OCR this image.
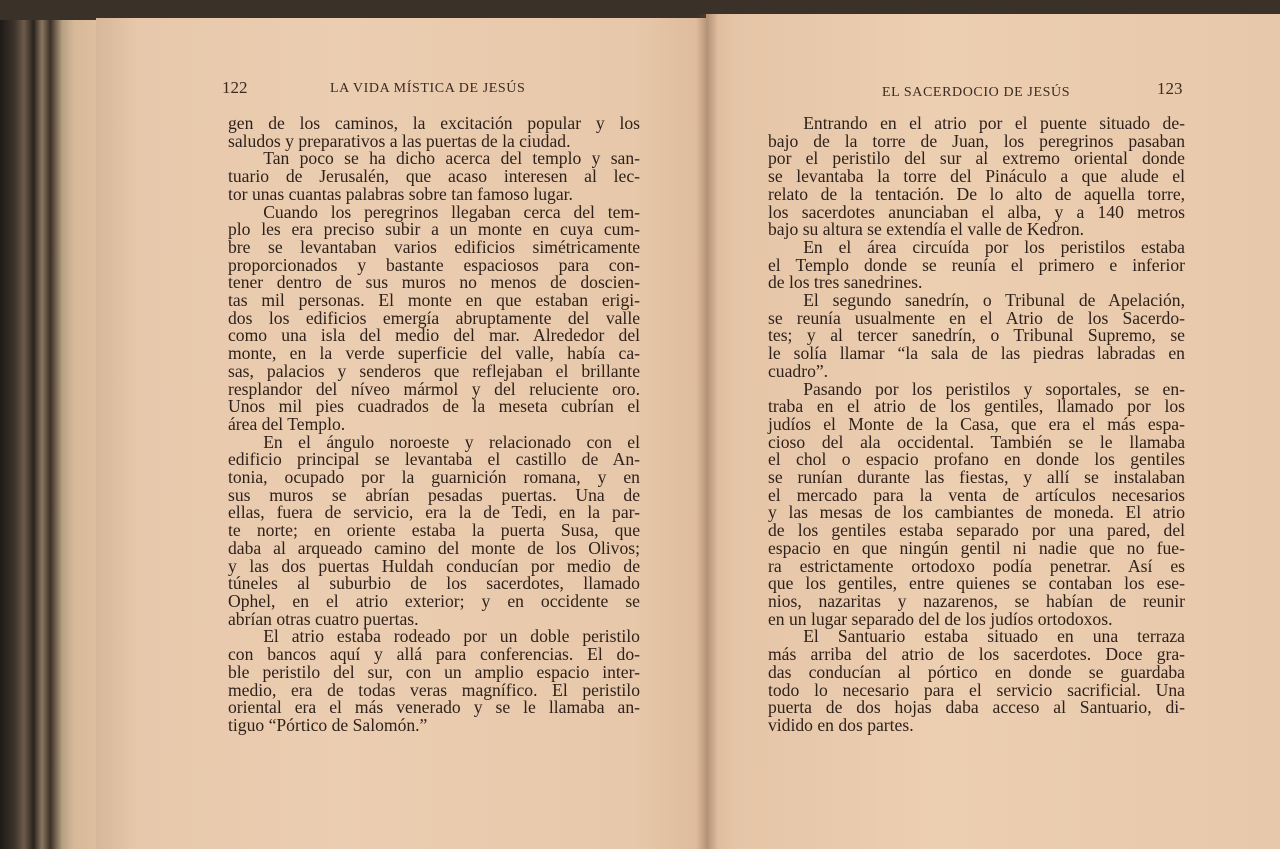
122	LA VIDA MÍSTICA DE JESÚS	EL SACERDOCIO DE JESÚS	123

gen de los caminos, la excitación popular y los
saludos y preparativos a las puertas de la ciudad.

Tan poco se ha dicho acerca del templo y san-
tuario de Jerusalén, que acaso interesen al lec-
tor unas cuantas palabras sobre tan famoso lugar.

Cuando los peregrinos llegaban cerca del tem-
plo les era preciso subir a un monte en cuya cum-
bre se levantaban varios edificios simétricamente
proporcionados y bastante espaciosos para con-
tener dentro de sus muros no menos de doscien-
tas mil personas. El monte en que estaban erigi-
dos los edificios emergía abruptamente del valle
como una isla del medio del mar. Alrededor del
monte, en la verde superficie del valle, había ca-
sas, palacios y senderos que reflejaban el brillante
resplandor del níveo mármol y del reluciente oro.
Unos mil pies cuadrados de la meseta cubrían el
área del Templo.

En el ángulo noroeste y relacionado con el
edificio principal se levantaba el castillo de An-
tonia, ocupado por la guarnición romana, y en
sus muros se abrían pesadas puertas. Una de
ellas, fuera de servicio, era la de Tedi, en la par-
te norte; en oriente estaba la puerta Susa, que
daba al arqueado camino del monte de los Olivos;
y las dos puertas Huldah conducían por medio de
túneles al suburbio de los sacerdotes, llamado
Ophel, en el atrio exterior; y en occidente se
abrían otras cuatro puertas.

El atrio estaba rodeado por un doble peristilo
con bancos aquí y allá para conferencias. El do-
ble peristilo del sur, con un amplio espacio inter-
medio, era de todas veras magnífico. El peristilo
oriental era el más venerado y se le llamaba an-
tiguo “Pórtico de Salomón.”

Entrando en el atrio por el puente situado de-
bajo de la torre de Juan, los peregrinos pasaban
por el peristilo del sur al extremo oriental donde
se levantaba la torre del Pináculo a que alude el
relato de la tentación. De lo alto de aquella torre,
los sacerdotes anunciaban el alba, y a 140 metros
bajo su altura se extendía el valle de Kedron.

En el área circuída por los peristilos estaba
el Templo donde se reunía el primero e inferior
de los tres sanedrines.

El segundo sanedrín, o Tribunal de Apelación,
se reunía usualmente en el Atrio de los Sacerdo-
tes; y al tercer sanedrín, o Tribunal Supremo, se
le solía llamar “la sala de las piedras labradas en
cuadro”.

Pasando por los peristilos y soportales, se en-
traba en el atrio de los gentiles, llamado por los
judíos el Monte de la Casa, que era el más espa-
cioso del ala occidental. También se le llamaba
el chol o espacio profano en donde los gentiles
se runían durante las fiestas, y allí se instalaban
el mercado para la venta de artículos necesarios
y las mesas de los cambiantes de moneda. El atrio
de los gentiles estaba separado por una pared, del
espacio en que ningún gentil ni nadie que no fue-
ra estrictamente ortodoxo podía penetrar. Así es
que los gentiles, entre quienes se contaban los ese-
nios, nazaritas y nazarenos, se habían de reunir
en un lugar separado del de los judíos ortodoxos.

El Santuario estaba situado en una terraza
más arriba del atrio de los sacerdotes. Doce gra-
das conducían al pórtico en donde se guardaba
todo lo necesario para el servicio sacrificial. Una
puerta de dos hojas daba acceso al Santuario, di-
vidido en dos partes.
